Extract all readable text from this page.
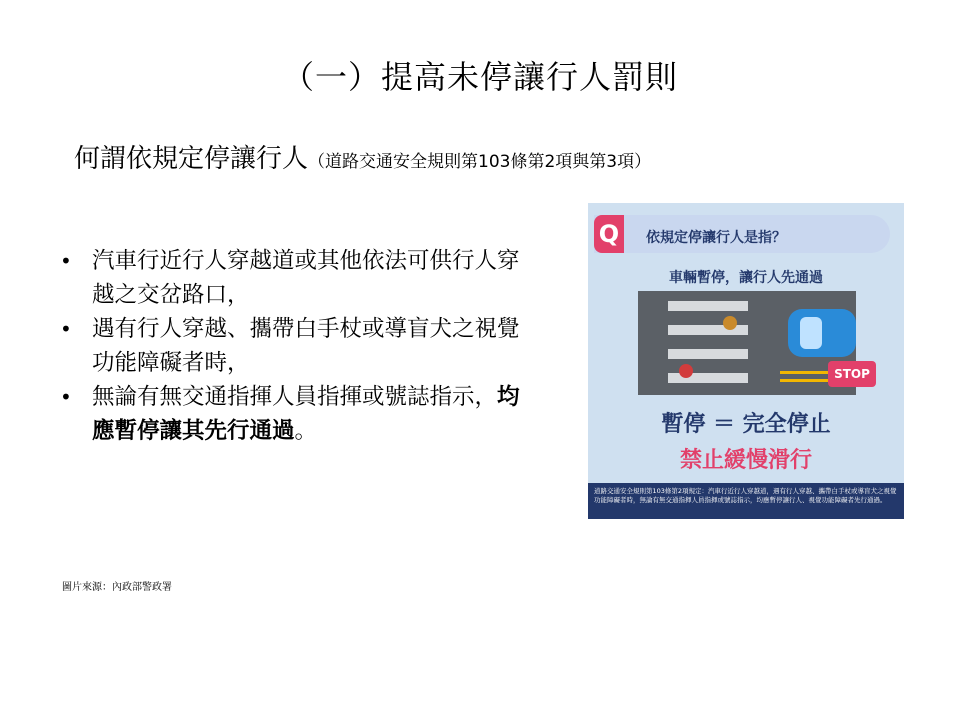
（一）提高未停讓行人罰則
何謂依規定停讓行人（道路交通安全規則第103條第2項與第3項）
• 汽車行近行人穿越道或其他依法可供行人穿越之交岔路口，
• 遇有行人穿越、攜帶白手杖或導盲犬之視覺功能障礙者時，
• 無論有無交通指揮人員指揮或號誌指示，均應暫停讓其先行通過。
圖片來源：內政部警政署
Q	依規定停讓行人是指？
車輛暫停，讓行人先通過
STOP
暫停 ＝ 完全停止
禁止緩慢滑行
道路交通安全規則第103條第2項規定：汽車行近行人穿越道，遇有行人穿越、攜帶白手杖或導盲犬之視覺功能障礙者時，無論有無交通指揮人員指揮或號誌指示，均應暫停讓行人、視覺功能障礙者先行通過。
